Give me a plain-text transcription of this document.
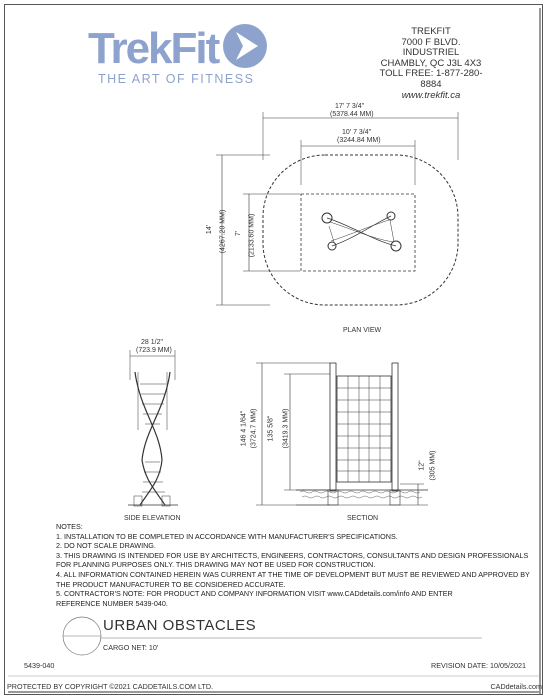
TrekFit
THE ART OF FITNESS
TREKFIT
7000 F BLVD. INDUSTRIEL
CHAMBLY, QC J3L 4X3
TOLL FREE: 1-877-280-8884
www.trekfit.ca
17' 7 3/4"
(5378.44 MM)
10' 7 3/4"
(3244.84 MM)
14' (4267.20 MM) 7' (2133.60 MM)
PLAN VIEW
28 1/2"
(723.9 MM)
SIDE ELEVATION
146 4 1/64" (3724.7 MM) 135 5/8" (3419.3 MM)
12" (305 MM)
SECTION
NOTES:
1. INSTALLATION TO BE COMPLETED IN ACCORDANCE WITH MANUFACTURER'S SPECIFICATIONS.
2. DO NOT SCALE DRAWING.
3. THIS DRAWING IS INTENDED FOR USE BY ARCHITECTS, ENGINEERS, CONTRACTORS, CONSULTANTS AND DESIGN PROFESSIONALS
FOR PLANNING PURPOSES ONLY. THIS DRAWING MAY NOT BE USED FOR CONSTRUCTION.
4. ALL INFORMATION CONTAINED HEREIN WAS CURRENT AT THE TIME OF DEVELOPMENT BUT MUST BE REVIEWED AND APPROVED BY
THE PRODUCT MANUFACTURER TO BE CONSIDERED ACCURATE.
5. CONTRACTOR'S NOTE: FOR PRODUCT AND COMPANY INFORMATION VISIT www.CADdetails.com/info AND ENTER
REFERENCE NUMBER 5439-040.
URBAN OBSTACLES
CARGO NET: 10'
5439-040	REVISION DATE: 10/05/2021
PROTECTED BY COPYRIGHT ©2021 CADDETAILS.COM LTD.	CADdetails.com
